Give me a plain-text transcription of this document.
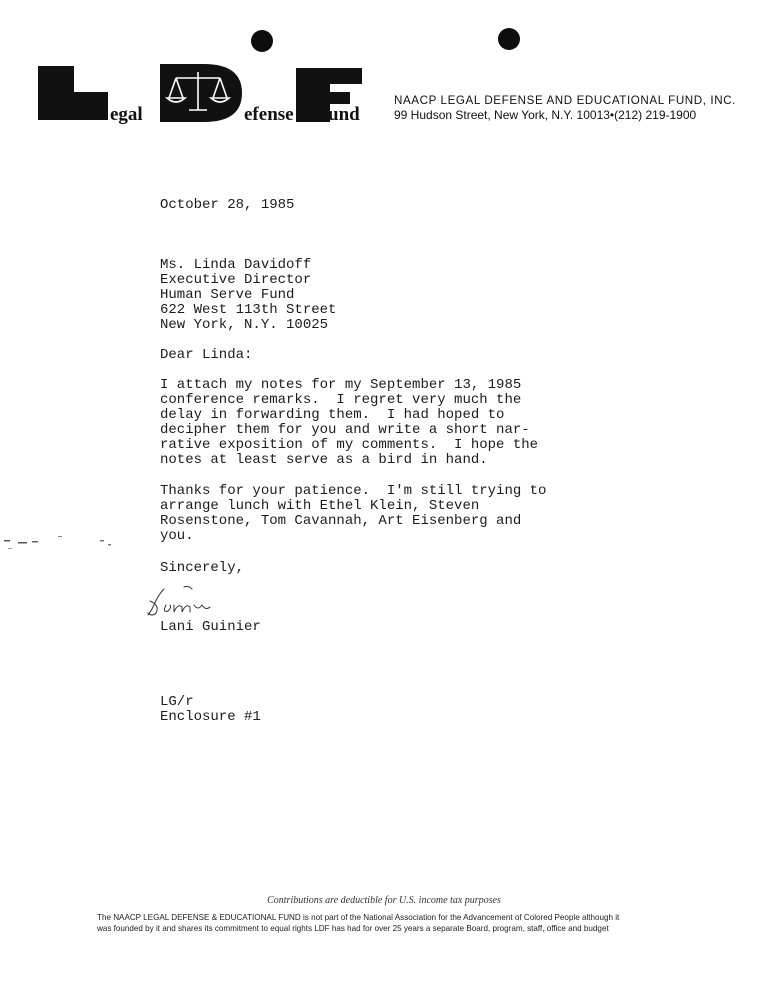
egal	efense und
NAACP LEGAL DEFENSE AND EDUCATIONAL FUND, INC.
99 Hudson Street, New York, N.Y. 10013•(212) 219-1900
October 28, 1985
Ms. Linda Davidoff
Executive Director
Human Serve Fund
622 West 113th Street
New York, N.Y. 10025
Dear Linda:
I attach my notes for my September 13, 1985
conference remarks.  I regret very much the
delay in forwarding them.  I had hoped to
decipher them for you and write a short nar-
rative exposition of my comments.  I hope the
notes at least serve as a bird in hand.
Thanks for your patience.  I'm still trying to
arrange lunch with Ethel Klein, Steven
Rosenstone, Tom Cavannah, Art Eisenberg and
you.
Sincerely,
Lani Guinier
LG/r
Enclosure #1
Contributions are deductible for U.S. income tax purposes
The NAACP LEGAL DEFENSE & EDUCATIONAL FUND is not part of the National Association for the Advancement of Colored People although it
was founded by it and shares its commitment to equal rights LDF has had for over 25 years a separate Board, program, staff, office and budget
